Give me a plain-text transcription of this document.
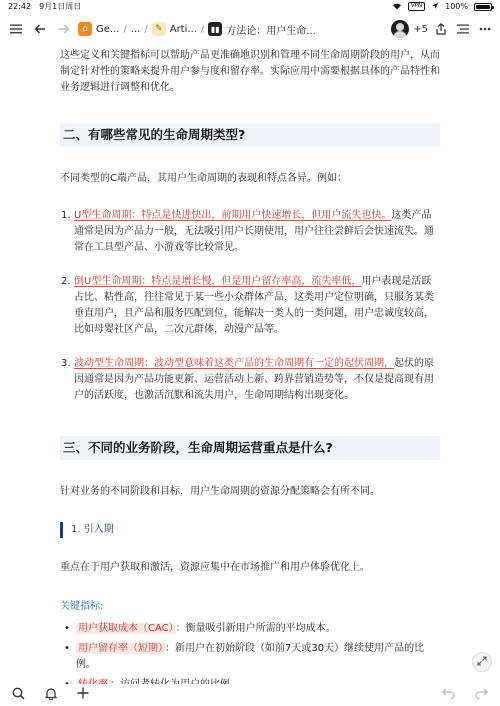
22:42 9月1日周日	VPN	100%
⌂ Ge... / ... / ✎ Arti... / ▮▮ 方法论：用户生命...	+5

这些定义和关键指标可以帮助产品更准确地识别和管理不同生命周期阶段的用户，从而制定针对性的策略来提升用户参与度和留存率。实际应用中需要根据具体的产品特性和业务逻辑进行调整和优化。

二、有哪些常见的生命周期类型?

不同类型的C端产品，其用户生命周期的表现和特点各异。例如：

1. U型生命周期：特点是快进快出，前期用户快速增长，但用户流失也快。这类产品通常是因为产品力一般，无法吸引用户长期使用，用户往往尝鲜后会快速流失。通常在工具型产品、小游戏等比较常见。
2. 倒U型生命周期：特点是增长慢，但是用户留存率高，流失率低，用户表现是活跃占比、粘性高，往往常见于某一些小众群体产品，这类用户定位明确，只服务某类垂直用户，且产品和服务匹配到位，能解决一类人的一类问题，用户忠诚度较高，比如母婴社区产品，二次元群体，动漫产品等。
3. 波动型生命周期：波动型意味着这类产品的生命周期有一定的起伏周期，起伏的原因通常是因为产品功能更新、运营活动上新、跨界营销造势等，不仅是提高现有用户的活跃度，也激活沉默和流失用户，生命周期结构出现变化。
三、不同的业务阶段，生命周期运营重点是什么?

针对业务的不同阶段和目标，用户生命周期的资源分配策略会有所不同。

1. 引入期

重点在于用户获取和激活，资源应集中在市场推广和用户体验优化上。

关键指标:

• 用户获取成本（CAC） ：衡量吸引新用户所需的平均成本。
• 用户留存率（短期） ：新用户在初始阶段（如前7天或30天）继续使用产品的比例。
•
